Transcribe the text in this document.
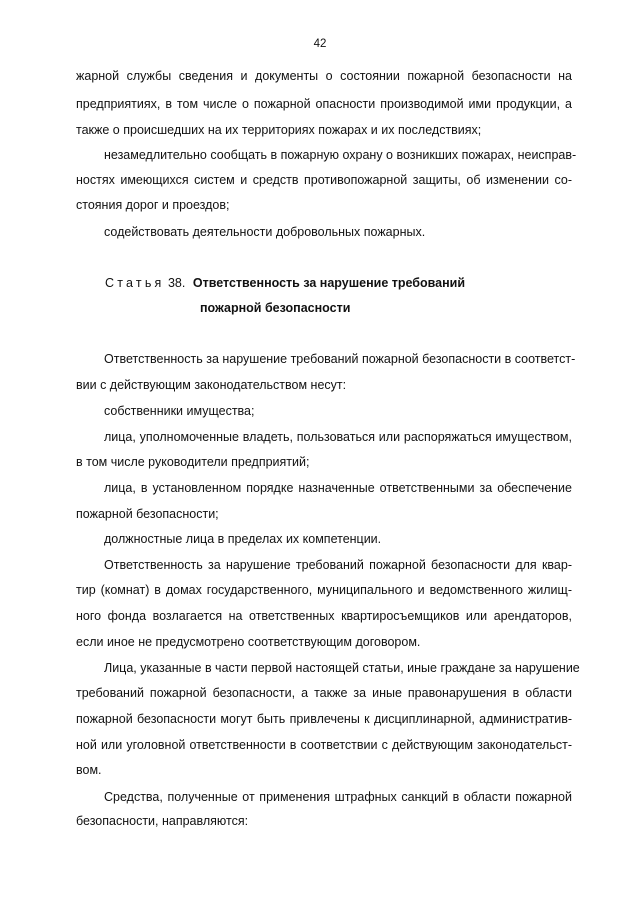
42
жарной службы сведения и документы о состоянии пожарной безопасности на
предприятиях, в том числе о пожарной опасности производимой ими продукции, а
также о происшедших на их территориях пожарах и их последствиях;
незамедлительно сообщать в пожарную охрану о возникших пожарах, неисправ-
ностях имеющихся систем и средств противопожарной защиты, об изменении со-
стояния дорог и проездов;
содействовать деятельности добровольных пожарных.
Статья 38. Ответственность за нарушение требований
пожарной безопасности
Ответственность за нарушение требований пожарной безопасности в соответст-
вии с действующим законодательством несут:
собственники имущества;
лица, уполномоченные владеть, пользоваться или распоряжаться имуществом,
в том числе руководители предприятий;
лица, в установленном порядке назначенные ответственными за обеспечение
пожарной безопасности;
должностные лица в пределах их компетенции.
Ответственность за нарушение требований пожарной безопасности для квар-
тир (комнат) в домах государственного, муниципального и ведомственного жилищ-
ного фонда возлагается на ответственных квартиросъемщиков или арендаторов,
если иное не предусмотрено соответствующим договором.
Лица, указанные в части первой настоящей статьи, иные граждане за нарушение
требований пожарной безопасности, а также за иные правонарушения в области
пожарной безопасности могут быть привлечены к дисциплинарной, административ-
ной или уголовной ответственности в соответствии с действующим законодательст-
вом.
Средства, полученные от применения штрафных санкций в области пожарной
безопасности, направляются:
